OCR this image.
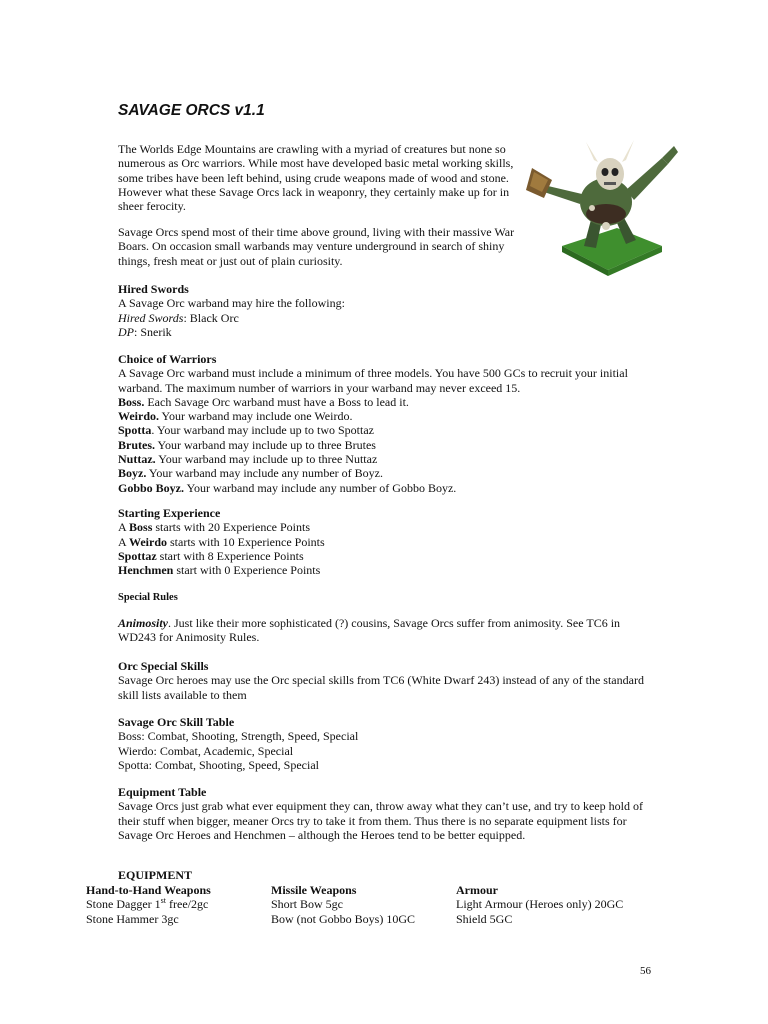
SAVAGE ORCS v1.1
The Worlds Edge Mountains are crawling with a myriad of creatures but none so numerous as Orc warriors. While most have developed basic metal working skills, some tribes have been left behind, using crude weapons made of wood and stone. However what these Savage Orcs lack in weaponry, they certainly make up for in sheer ferocity.
Savage Orcs spend most of their time above ground, living with their massive War Boars. On occasion small warbands may venture underground in search of shiny things, fresh meat or just out of plain curiosity.

Hired Swords

A Savage Orc warband may hire the following:

Hired Swords: Black Orc

DP: Snerik

Choice of Warriors

A Savage Orc warband must include a minimum of three models. You have 500 GCs to recruit your initial warband. The maximum number of warriors in your warband may never exceed 15.

Boss. Each Savage Orc warband must have a Boss to lead it.

Weirdo. Your warband may include one Weirdo.

Spotta. Your warband may include up to two Spottaz

Brutes. Your warband may include up to three Brutes

Nuttaz. Your warband may include up to three Nuttaz

Boyz. Your warband may include any number of Boyz.

Gobbo Boyz. Your warband may include any number of Gobbo Boyz.

Starting Experience

A Boss starts with 20 Experience Points

A Weirdo starts with 10 Experience Points

Spottaz start with 8 Experience Points

Henchmen start with 0 Experience Points

Special Rules

Animosity. Just like their more sophisticated (?) cousins, Savage Orcs suffer from animosity. See TC6 in WD243 for Animosity Rules.

Orc Special Skills

Savage Orc heroes may use the Orc special skills from TC6 (White Dwarf 243) instead of any of the standard skill lists available to them

Savage Orc Skill Table

Boss: Combat, Shooting, Strength, Speed, Special

Wierdo: Combat, Academic, Special

Spotta: Combat, Shooting, Speed, Special

Equipment Table

Savage Orcs just grab what ever equipment they can, throw away what they can’t use, and try to keep hold of their stuff when bigger, meaner Orcs try to take it from them. Thus there is no separate equipment lists for Savage Orc Heroes and Henchmen – although the Heroes tend to be better equipped.

EQUIPMENT

Hand-to-Hand Weapons

Stone Dagger 1st free/2gc

Stone Hammer 3gc

Missile Weapons

Short Bow 5gc

Bow (not Gobbo Boys) 10GC

Armour

Light Armour (Heroes only) 20GC

Shield 5GC

56
